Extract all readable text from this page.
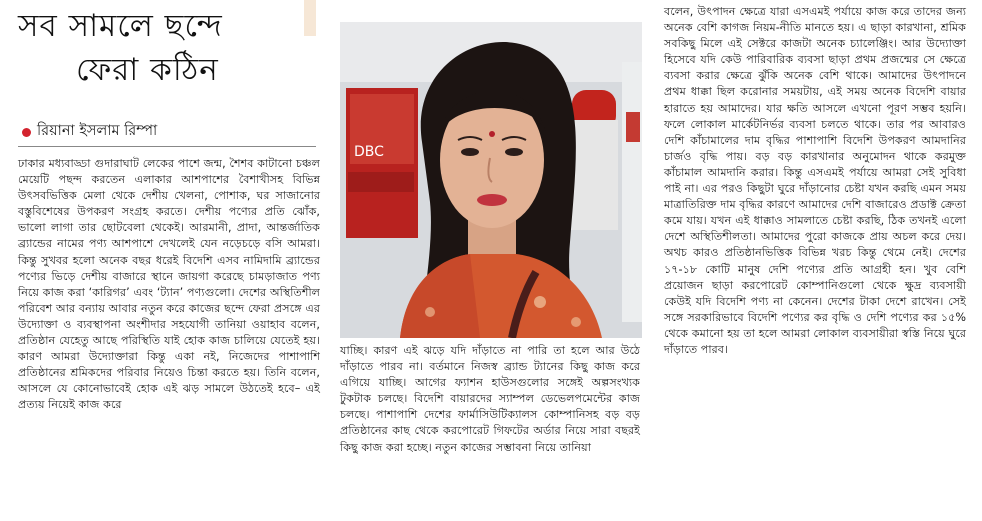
সব সামলে ছন্দে
ফেরা কঠিন
রিয়ানা ইসলাম রিম্পা

ঢাকার মধ্যবাড্ডা গুদারাঘাট লেকের পাশে জন্ম, শৈশব কাটানো চঞ্চল মেয়েটি পছন্দ করতেন এলাকার আশপাশের বৈশাখীসহ বিভিন্ন উৎসবভিত্তিক মেলা থেকে দেশীয় খেলনা, পোশাক, ঘর সাজানোর বস্তুবিশেষের উপকরণ সংগ্রহ করতে। দেশীয় পণ্যের প্রতি ঝোঁক, ভালো লাগা তার ছোটবেলা থেকেই। আরমানী, প্রাদা, আন্তর্জাতিক ব্র্যান্ডের নামের পণ্য আশপাশে দেখলেই যেন নড়েচড়ে বসি আমরা। কিন্তু সুখবর হলো অনেক বছর ধরেই বিদেশি এসব নামিদামি ব্র্যান্ডের পণ্যের ভিড়ে দেশীয় বাজারে স্থানে জায়গা করেছে চামড়াজাত পণ্য নিয়ে কাজ করা ‘কারিগর’ এবং ‘ট্যান’ পণ্যগুলো। দেশের অস্থিতিশীল পরিবেশ আর বন্যায় আবার নতুন করে কাজের ছন্দে ফেরা প্রসঙ্গে এর উদ্যোক্তা ও ব্যবস্থাপনা অংশীদার সহযোগী তানিয়া ওয়াহাব বলেন, প্রতিষ্ঠান যেহেতু আছে পরিস্থিতি যাই হোক কাজ চালিয়ে যেতেই হয়। কারণ আমরা উদ্যোক্তারা কিন্তু একা নই, নিজেদের পাশাপাশি প্রতিষ্ঠানের শ্রমিকদের পরিবার নিয়েও চিন্তা করতে হয়। তিনি বলেন, আসলে যে কোনোভাবেই হোক এই ঝড় সামলে উঠতেই হবে– এই প্রত্যয় নিয়েই কাজ করে

DBC

যাচ্ছি। কারণ এই ঝড়ে যদি দাঁড়াতে না পারি তা হলে আর উঠে দাঁড়াতে পারব না। বর্তমানে নিজস্ব ব্র্যান্ড ট্যানের কিছু কাজ করে এগিয়ে যাচ্ছি। আগের ফ্যাশন হাউসগুলোর সঙ্গেই অল্পসংখ্যক টুকটাক চলছে। বিদেশি বায়ারদের স্যাম্পল ডেভেলপমেন্টের কাজ চলছে। পাশাপাশি দেশের ফার্মাসিউটিক্যালস কোম্পানিসহ বড় বড় প্রতিষ্ঠানের কাছ থেকে করপোরেট গিফটের অর্ডার নিয়ে সারা বছরই কিছু কাজ করা হচ্ছে। নতুন কাজের সম্ভাবনা নিয়ে তানিয়া

বলেন, উৎপাদন ক্ষেত্রে যারা এসএমই পর্যায়ে কাজ করে তাদের জন্য অনেক বেশি কাগজ নিয়ম-নীতি মানতে হয়। এ ছাড়া কারখানা, শ্রমিক সবকিছু মিলে এই সেক্টরে কাজটা অনেক চ্যালেঞ্জিং। আর উদ্যোক্তা হিসেবে যদি কেউ পারিবারিক ব্যবসা ছাড়া প্রথম প্রজন্মের সে ক্ষেত্রে ব্যবসা করার ক্ষেত্রে ঝুঁকি অনেক বেশি থাকে। আমাদের উৎপাদনে প্রথম ধাক্কা ছিল করোনার সময়টায়, এই সময় অনেক বিদেশি বায়ার হারাতে হয় আমাদের। যার ক্ষতি আসলে এখনো পূরণ সম্ভব হয়নি। ফলে লোকাল মার্কেটনির্ভর ব্যবসা চলতে থাকে। তার পর আবারও দেশি কাঁচামালের দাম বৃদ্ধির পাশাপাশি বিদেশি উপকরণ আমদানির চার্জও বৃদ্ধি পায়। বড় বড় কারখানার অনুমোদন থাকে করমুক্ত কাঁচামাল আমদানি করার। কিন্তু এসএমই পর্যায়ে আমরা সেই সুবিধা পাই না। এর পরও কিছুটা ঘুরে দাঁড়ানোর চেষ্টা যখন করছি এমন সময় মাত্রাতিরিক্ত দাম বৃদ্ধির কারণে আমাদের দেশি বাজারেও প্রডাক্ট ক্রেতা কমে যায়। যখন এই ধাক্কাও সামলাতে চেষ্টা করছি, ঠিক তখনই এলো দেশে অস্থিতিশীলতা। আমাদের পুরো কাজকে প্রায় অচল করে দেয়। অথচ কারও প্রতিষ্ঠানভিত্তিক বিভিন্ন খরচ কিন্তু থেমে নেই। দেশের ১৭-১৮ কোটি মানুষ দেশি পণ্যের প্রতি আগ্রহী হন। খুব বেশি প্রয়োজন ছাড়া করপোরেট কোম্পানিগুলো থেকে ক্ষুদ্র ব্যবসায়ী কেউই যদি বিদেশি পণ্য না কেনেন। দেশের টাকা দেশে রাখেন। সেই সঙ্গে সরকারিভাবে বিদেশি পণ্যের কর বৃদ্ধি ও দেশি পণ্যের কর ১৫% থেকে কমানো হয় তা হলে আমরা লোকাল ব্যবসায়ীরা স্বস্তি নিয়ে ঘুরে দাঁড়াতে পারব।
